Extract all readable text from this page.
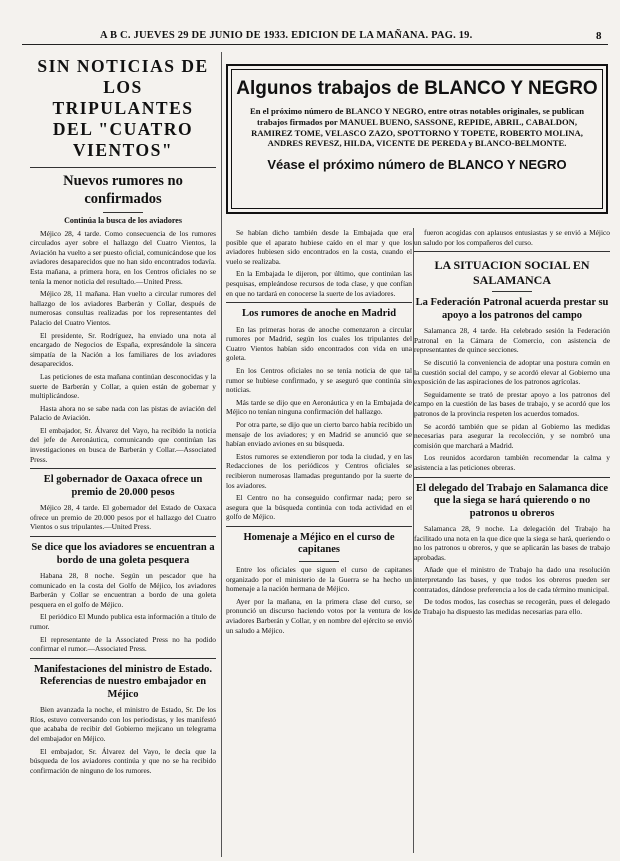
A B C. JUEVES 29 DE JUNIO DE 1933. EDICION DE LA MAÑANA. PAG. 19.	8
SIN NOTICIAS DE LOS TRIPULANTES DEL "CUATRO VIENTOS"
Nuevos rumores no confirmados
Continúa la busca de los aviadores

Méjico 28, 4 tarde. Como consecuencia de los rumores circulados ayer sobre el hallazgo del Cuatro Vientos, la Aviación ha vuelto a ser puesto oficial, comunicándose que los aviadores desaparecidos que no han sido encontrados todavía. Esta mañana, a primera hora, en los Centros oficiales no se tenía la menor noticia del resultado.—United Press.

Méjico 28, 11 mañana. Han vuelto a circular rumores del hallazgo de los aviadores Barberán y Collar, después de numerosas consultas realizadas por los representantes del Palacio del Cuatro Vientos.

El presidente, Sr. Rodríguez, ha enviado una nota al encargado de Negocios de España, expresándole la sincera simpatía de la Nación a los familiares de los aviadores desaparecidos.

Las peticiones de esta mañana continúan desconocidas y la suerte de Barberán y Collar, a quien están de gobernar y multiplicándose.

Hasta ahora no se sabe nada con las pistas de aviación del Palacio de Aviación.

El embajador, Sr. Álvarez del Vayo, ha recibido la noticia del jefe de Aeronáutica, comunicando que continúan las investigaciones en busca de Barberán y Collar.—Associated Press.

El gobernador de Oaxaca ofrece un premio de 20.000 pesos

Méjico 28, 4 tarde. El gobernador del Estado de Oaxaca ofrece un premio de 20.000 pesos por el hallazgo del Cuatro Vientos o sus tripulantes.—United Press.

Se dice que los aviadores se encuentran a bordo de una goleta pesquera

Habana 28, 8 noche. Según un pescador que ha comunicado en la costa del Golfo de Méjico, los aviadores Barberán y Collar se encuentran a bordo de una goleta pesquera en el golfo de Méjico.

El periódico El Mundo publica esta información a título de rumor.

El representante de la Associated Press no ha podido confirmar el rumor.—Associated Press.

Manifestaciones del ministro de Estado. Referencias de nuestro embajador en Méjico

Bien avanzada la noche, el ministro de Estado, Sr. De los Ríos, estuvo conversando con los periodistas, y les manifestó que acababa de recibir del Gobierno mejicano un telegrama del embajador en Méjico.

El embajador, Sr. Álvarez del Vayo, le decía que la búsqueda de los aviadores continúa y que no se ha recibido confirmación de ninguno de los rumores.

Algunos trabajos de BLANCO Y NEGRO
En el próximo número de BLANCO Y NEGRO, entre otras notables originales, se publican trabajos firmados por MANUEL BUENO, SASSONE, REPIDE, ABRIL, CABALDON, RAMIREZ TOME, VELASCO ZAZO, SPOTTORNO Y TOPETE, ROBERTO MOLINA, ANDRES REVESZ, HILDA, VICENTE DE PEREDA y BLANCO-BELMONTE.
Véase el próximo número de BLANCO Y NEGRO

Se habían dicho también desde la Embajada que era posible que el aparato hubiese caído en el mar y que los aviadores hubiesen sido encontrados en la costa, cuando el vuelo se realizaba.

En la Embajada le dijeron, por último, que continúan las pesquisas, empleándose recursos de toda clase, y que confían en que no tardará en conocerse la suerte de los aviadores.

Los rumores de anoche en Madrid

En las primeras horas de anoche comenzaron a circular rumores por Madrid, según los cuales los tripulantes del Cuatro Vientos habían sido encontrados con vida en una goleta.

En los Centros oficiales no se tenía noticia de que tal rumor se hubiese confirmado, y se aseguró que continúa sin noticias.

Más tarde se dijo que en Aeronáutica y en la Embajada de Méjico no tenían ninguna confirmación del hallazgo.

Por otra parte, se dijo que un cierto barco había recibido un mensaje de los aviadores; y en Madrid se anunció que se habían enviado aviones en su búsqueda.

Estos rumores se extendieron por toda la ciudad, y en las Redacciones de los periódicos y Centros oficiales se recibieron numerosas llamadas preguntando por la suerte de los aviadores.

El Centro no ha conseguido confirmar nada; pero se asegura que la búsqueda continúa con toda actividad en el golfo de Méjico.

Homenaje a Méjico en el curso de capitanes

Entre los oficiales que siguen el curso de capitanes organizado por el ministerio de la Guerra se ha hecho un homenaje a la nación hermana de Méjico.

Ayer por la mañana, en la primera clase del curso, se pronunció un discurso haciendo votos por la ventura de los aviadores Barberán y Collar, y en nombre del ejército se envió un saludo a Méjico.

fueron acogidas con aplausos entusiastas y se envió a Méjico un saludo por los compañeros del curso.

LA SITUACION SOCIAL EN SALAMANCA
La Federación Patronal acuerda prestar su apoyo a los patronos del campo

Salamanca 28, 4 tarde. Ha celebrado sesión la Federación Patronal en la Cámara de Comercio, con asistencia de representantes de quince secciones.

Se discutió la conveniencia de adoptar una postura común en la cuestión social del campo, y se acordó elevar al Gobierno una exposición de las aspiraciones de los patronos agrícolas.

Seguidamente se trató de prestar apoyo a los patronos del campo en la cuestión de las bases de trabajo, y se acordó que los patronos de la provincia respeten los acuerdos tomados.

Se acordó también que se pidan al Gobierno las medidas necesarias para asegurar la recolección, y se nombró una comisión que marchará a Madrid.

Los reunidos acordaron también recomendar la calma y asistencia a las peticiones obreras.

El delegado del Trabajo en Salamanca dice que la siega se hará quierendo o no patronos u obreros

Salamanca 28, 9 noche. La delegación del Trabajo ha facilitado una nota en la que dice que la siega se hará, queriendo o no los patronos u obreros, y que se aplicarán las bases de trabajo aprobadas.

Añade que el ministro de Trabajo ha dado una resolución interpretando las bases, y que todos los obreros pueden ser contratados, dándose preferencia a los de cada término municipal.

De todos modos, las cosechas se recogerán, pues el delegado de Trabajo ha dispuesto las medidas necesarias para ello.
